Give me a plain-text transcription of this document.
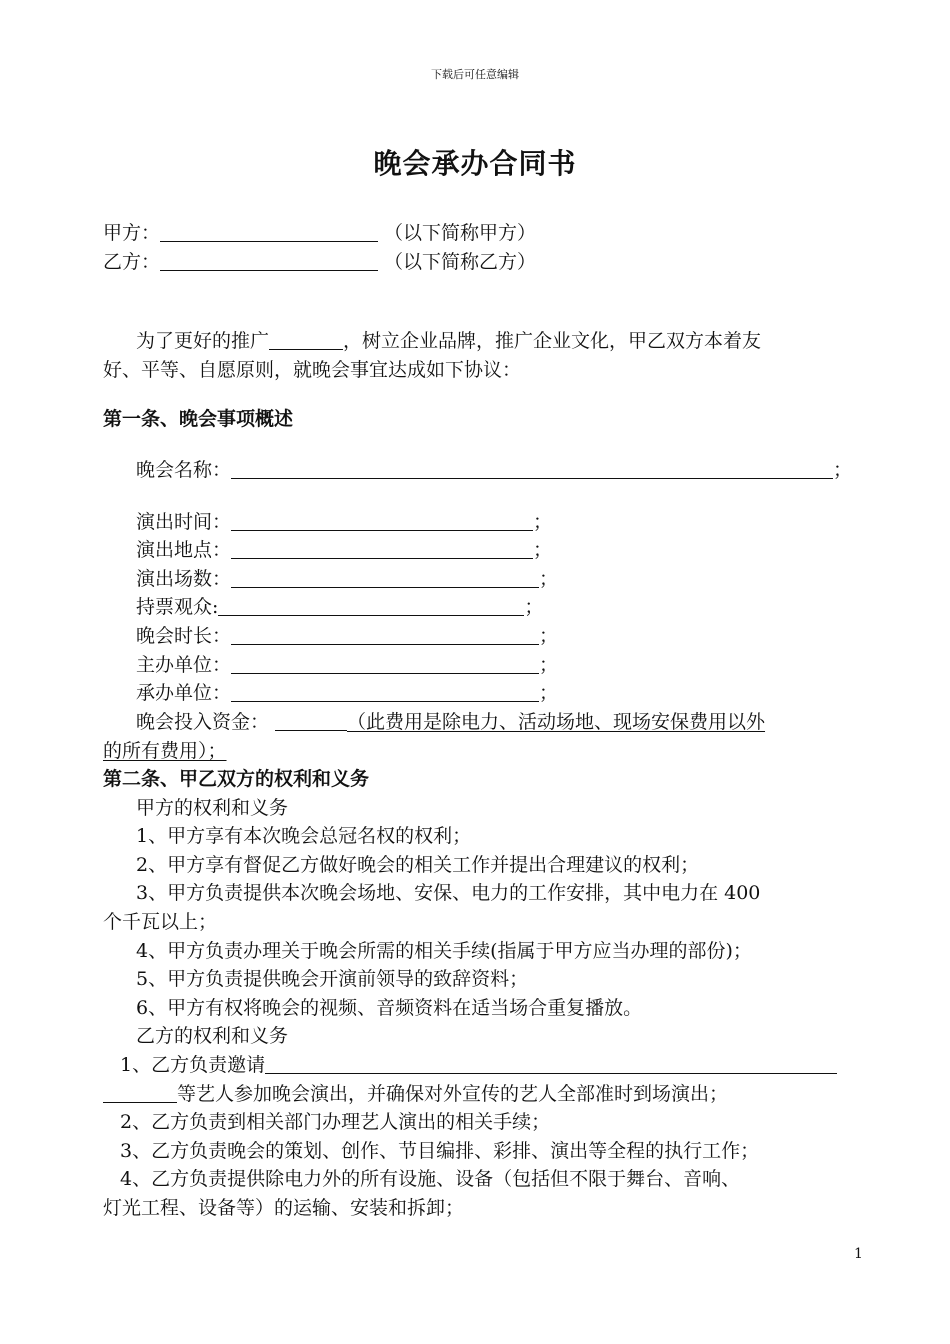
下载后可任意编辑
晚会承办合同书
甲方：	（以下简称甲方）
乙方：	（以下简称乙方）
为了更好的推广	，树立企业品牌，推广企业文化，甲乙双方本着友
好、平等、自愿原则，就晚会事宜达成如下协议：
第一条、晚会事项概述
晚会名称：	；
演出时间：	；
演出地点：	；
演出场数：	；
持票观众:	；
晚会时长：	；
主办单位：	；
承办单位：	；
晚会投入资金：	（此费用是除电力、活动场地、现场安保费用以外
的所有费用）；
第二条、甲乙双方的权利和义务
甲方的权利和义务
1、甲方享有本次晚会总冠名权的权利；
2、甲方享有督促乙方做好晚会的相关工作并提出合理建议的权利；
3、甲方负责提供本次晚会场地、安保、电力的工作安排，其中电力在 400
个千瓦以上；
4、甲方负责办理关于晚会所需的相关手续(指属于甲方应当办理的部份)；
5、甲方负责提供晚会开演前领导的致辞资料；
6、甲方有权将晚会的视频、音频资料在适当场合重复播放。
乙方的权利和义务
1、乙方负责邀请
等艺人参加晚会演出，并确保对外宣传的艺人全部准时到场演出；
2、乙方负责到相关部门办理艺人演出的相关手续；
3、乙方负责晚会的策划、创作、节目编排、彩排、演出等全程的执行工作；
4、乙方负责提供除电力外的所有设施、设备（包括但不限于舞台、音响、
灯光工程、设备等）的运输、安装和拆卸；
1
